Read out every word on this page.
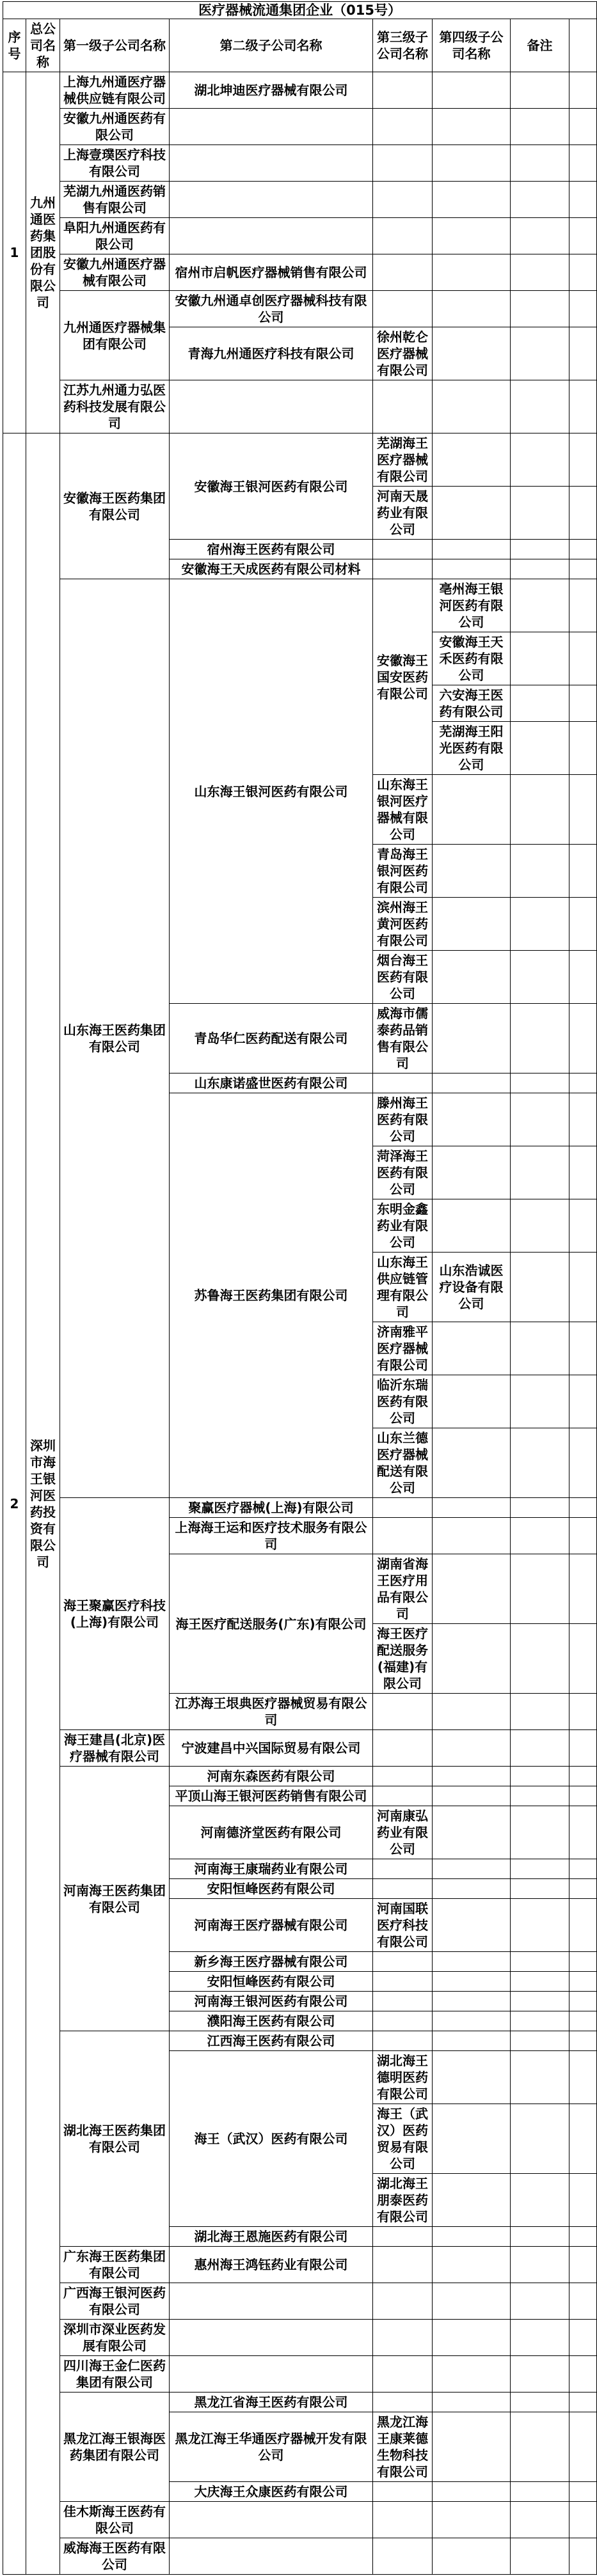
医疗器械流通集团企业（015号）							
序号	总公司名称	第一级子公司名称	第二级子公司名称	第三级子公司名称	第四级子公司名称	备注	
1	九州通医药集团股份有限公司	上海九州通医疗器械供应链有限公司	湖北坤迪医疗器械有限公司				
		安徽九州通医药有限公司					
		上海壹璞医疗科技有限公司					
		芜湖九州通医药销售有限公司					
		阜阳九州通医药有限公司					
		安徽九州通医疗器械有限公司	宿州市启帆医疗器械销售有限公司				
		九州通医疗器械集团有限公司	安徽九州通卓创医疗器械科技有限公司				
			青海九州通医疗科技有限公司	徐州乾仑医疗器械有限公司			
		江苏九州通力弘医药科技发展有限公司					
2	深圳市海王银河医药投资有限公司	安徽海王医药集团有限公司	安徽海王银河医药有限公司	芜湖海王医疗器械有限公司			
				河南天晟药业有限公司			
			宿州海王医药有限公司				
			安徽海王天成医药有限公司材料				
		山东海王医药集团有限公司	山东海王银河医药有限公司	安徽海王国安医药有限公司	亳州海王银河医药有限公司		
					安徽海王天禾医药有限公司		
					六安海王医药有限公司		
					芜湖海王阳光医药有限公司		
				山东海王银河医疗器械有限公司			
				青岛海王银河医药有限公司			
				滨州海王黄河医药有限公司			
				烟台海王医药有限公司			
			青岛华仁医药配送有限公司	威海市儒泰药品销售有限公司			
			山东康诺盛世医药有限公司				
			苏鲁海王医药集团有限公司	滕州海王医药有限公司			
				菏泽海王医药有限公司			
				东明金鑫药业有限公司			
				山东海王供应链管理有限公司	山东浩诚医疗设备有限公司		
				济南雅平医疗器械有限公司			
				临沂东瑞医药有限公司			
				山东兰德医疗器械配送有限公司			
		海王聚赢医疗科技(上海)有限公司	聚赢医疗器械(上海)有限公司				
			上海海王运和医疗技术服务有限公司				
			海王医疗配送服务(广东)有限公司	湖南省海王医疗用品有限公司			
				海王医疗配送服务(福建)有限公司			
			江苏海王垠典医疗器械贸易有限公司				
		海王建昌(北京)医疗器械有限公司	宁波建昌中兴国际贸易有限公司				
		河南海王医药集团有限公司	河南东森医药有限公司				
			平顶山海王银河医药销售有限公司				
			河南德济堂医药有限公司	河南康弘药业有限公司			
			河南海王康瑞药业有限公司				
			安阳恒峰医药有限公司				
			河南海王医疗器械有限公司	河南国联医疗科技有限公司			
			新乡海王医疗器械有限公司				
			安阳恒峰医药有限公司				
			河南海王银河医药有限公司				
			濮阳海王医药有限公司				
		湖北海王医药集团有限公司	江西海王医药有限公司				
			海王（武汉）医药有限公司	湖北海王德明医药有限公司			
				海王（武汉）医药贸易有限公司			
				湖北海王朋泰医药有限公司			
			湖北海王恩施医药有限公司				
		广东海王医药集团有限公司	惠州海王鸿钰药业有限公司				
		广西海王银河医药有限公司					
		深圳市深业医药发展有限公司					
		四川海王金仁医药集团有限公司					
		黑龙江海王银海医药集团有限公司	黑龙江省海王医药有限公司				
			黑龙江海王华通医疗器械开发有限公司	黑龙江海王康莱德生物科技有限公司			
			大庆海王众康医药有限公司				
		佳木斯海王医药有限公司					
		威海海王医药有限公司					
